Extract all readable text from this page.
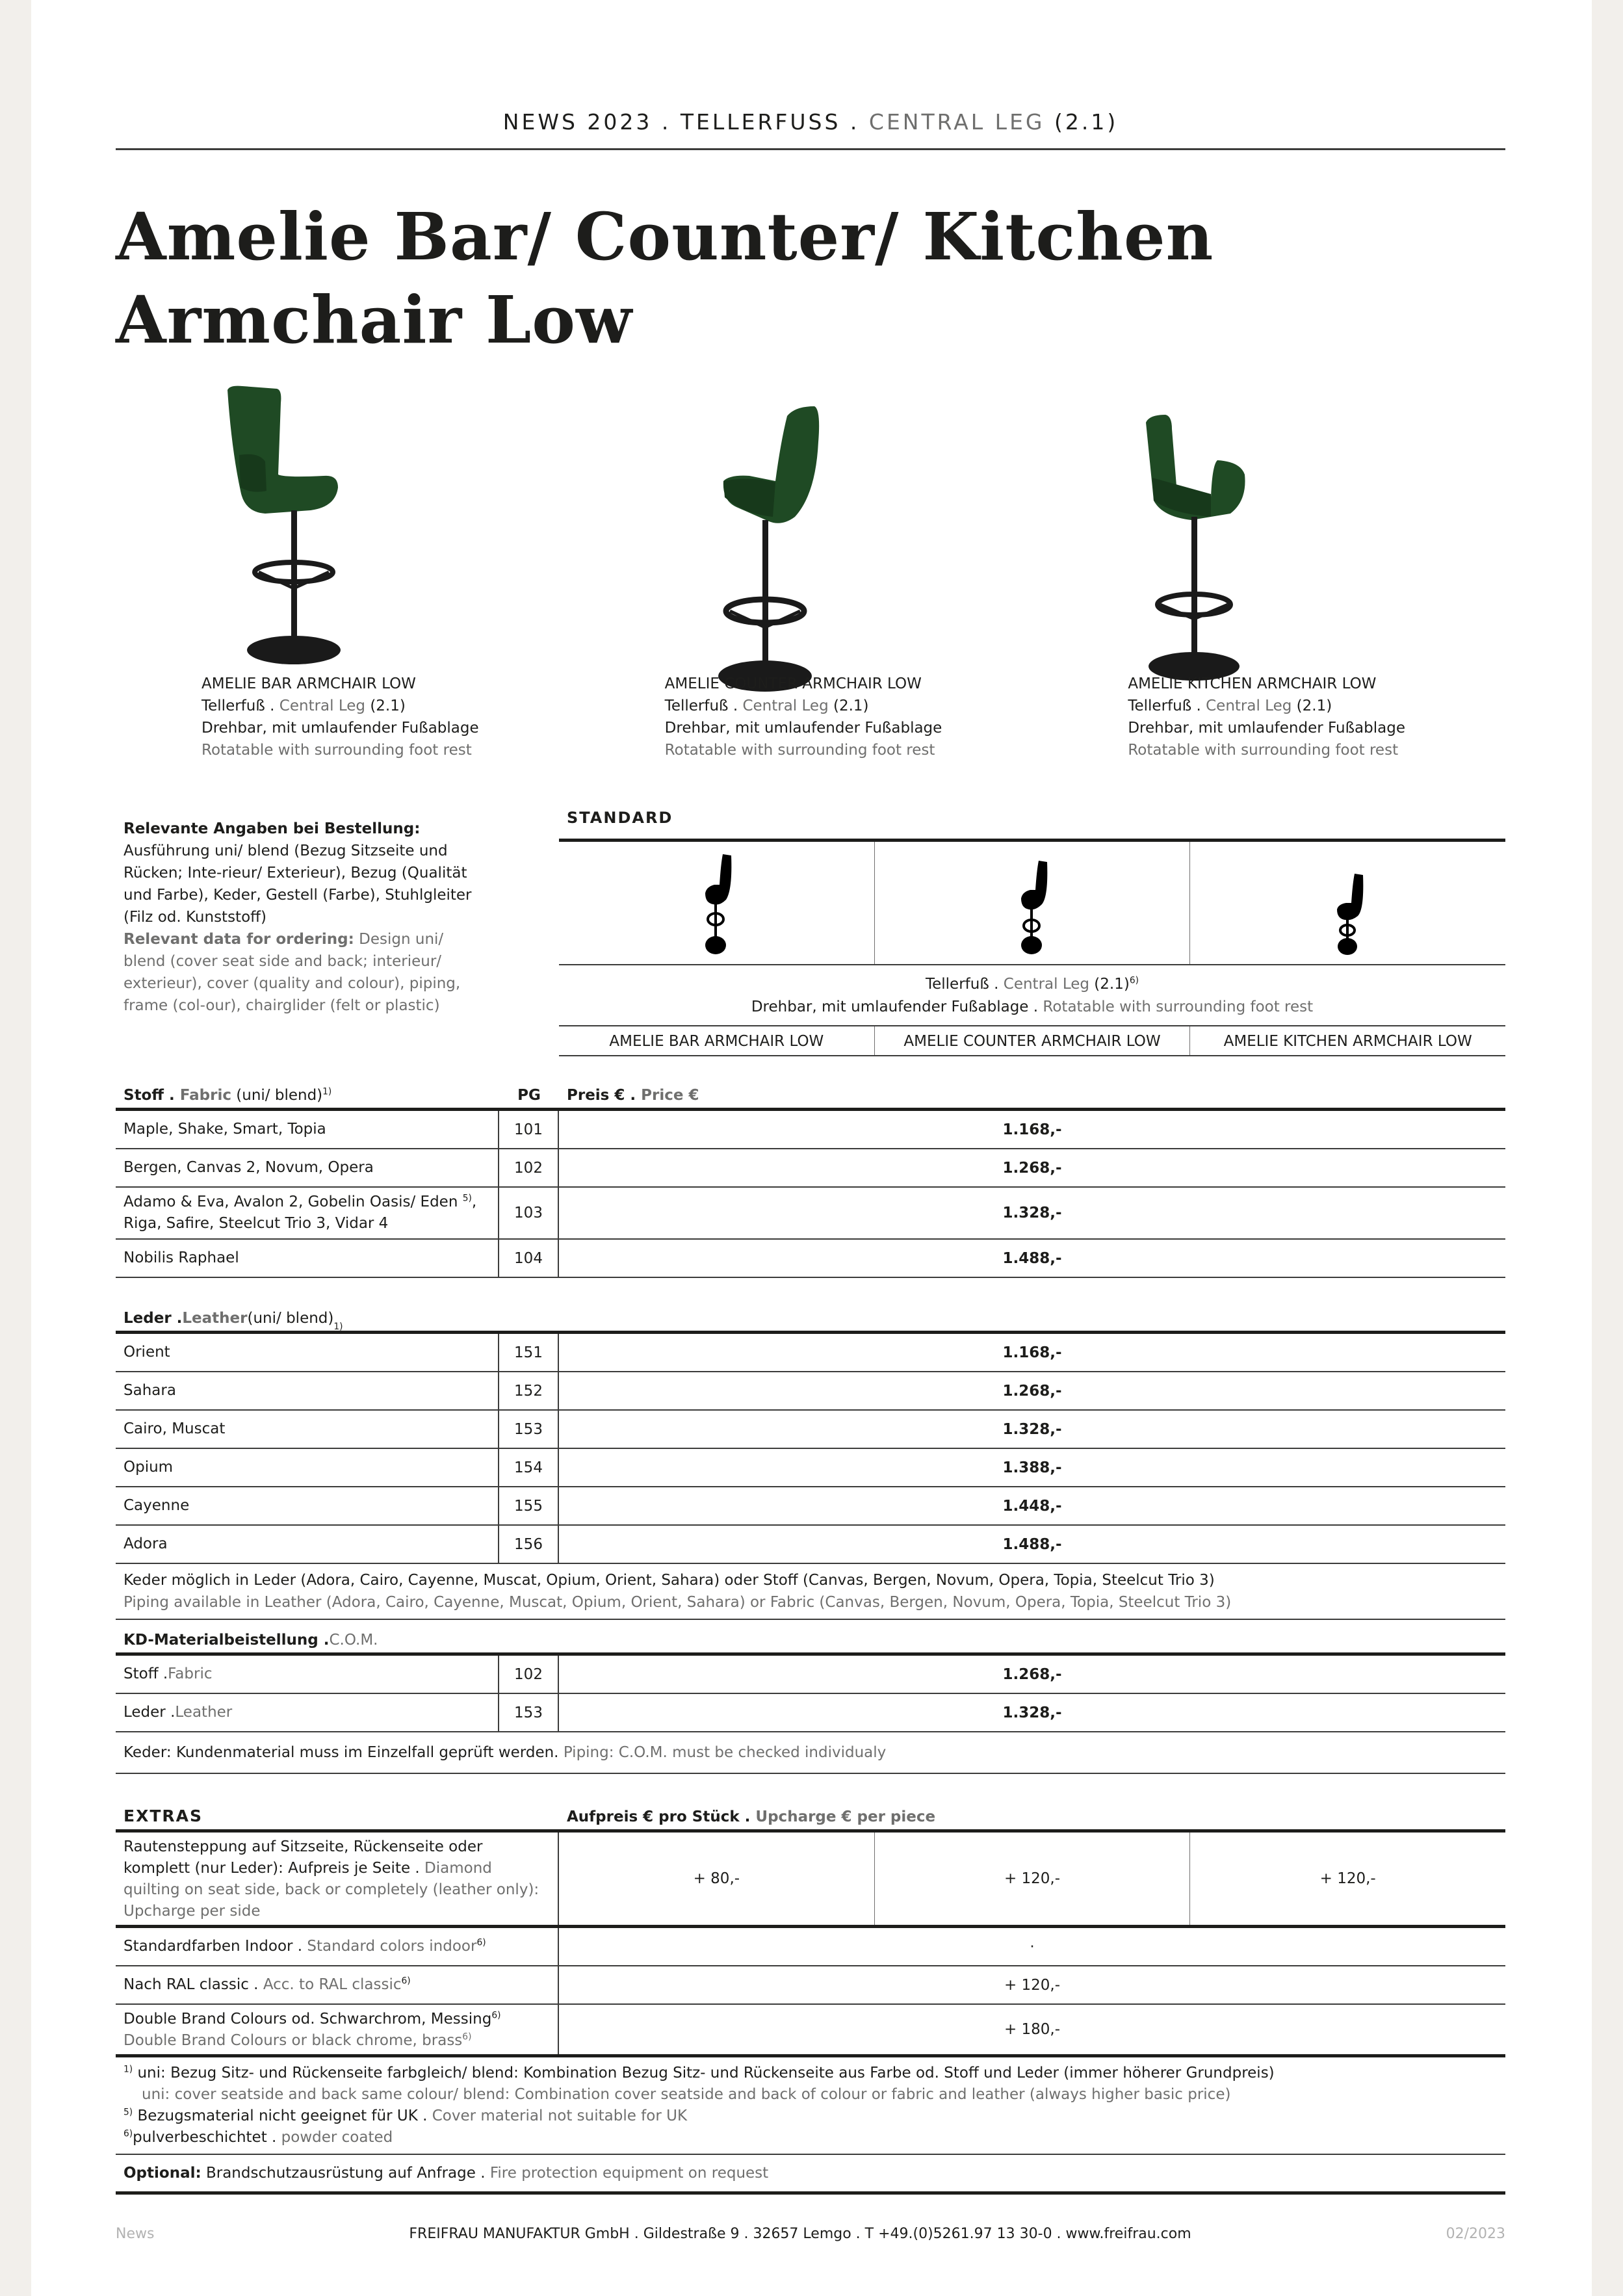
NEWS 2023 . TELLERFUSS . CENTRAL LEG (2.1)
Amelie Bar/ Counter/ Kitchen
Armchair Low
AMELIE BAR ARMCHAIR LOW
Tellerfuß . Central Leg (2.1)
Drehbar, mit umlaufender Fußablage
Rotatable with surrounding foot rest
AMELIE COUNTER ARMCHAIR LOW
Tellerfuß . Central Leg (2.1)
Drehbar, mit umlaufender Fußablage
Rotatable with surrounding foot rest
AMELIE KITCHEN ARMCHAIR LOW
Tellerfuß . Central Leg (2.1)
Drehbar, mit umlaufender Fußablage
Rotatable with surrounding foot rest
Relevante Angaben bei Bestellung: Ausführung uni/ blend (Bezug Sitzseite und Rücken; Inte-rieur/ Exterieur), Bezug (Qualität und Farbe), Keder, Gestell (Farbe), Stuhlgleiter (Filz od. Kunststoff)
Relevant data for ordering: Design uni/ blend (cover seat side and back; interieur/ exterieur), cover (quality and colour), piping, frame (col-our), chairglider (felt or plastic)
STANDARD
Tellerfuß . Central Leg $(2.1)^{6)}$
Drehbar, mit umlaufender Fußablage . Rotatable with surrounding foot rest
AMELIE BAR ARMCHAIR LOW	AMELIE COUNTER ARMCHAIR LOW	AMELIE KITCHEN ARMCHAIR LOW
Stoff . Fabric (uni/ blend)$^{1)}$	PG	Preis € . Price €
Maple, Shake, Smart, Topia	101	1.168,-
Bergen, Canvas 2, Novum, Opera	102	1.268,-
Adamo & Eva, Avalon 2, Gobelin Oasis/ Eden $^{5)}$,
Riga, Safire, Steelcut Trio 3, Vidar 4
103	1.328,-
Nobilis Raphael	104	1.488,-
Leder . Leather (uni/ blend) 1)
Orient	151	1.168,-
Sahara	152	1.268,-
Cairo, Muscat	153	1.328,-
Opium	154	1.388,-
Cayenne	155	1.448,-
Adora	156	1.488,-
Keder möglich in Leder (Adora, Cairo, Cayenne, Muscat, Opium, Orient, Sahara) oder Stoff (Canvas, Bergen, Novum, Opera, Topia, Steelcut Trio 3)
Piping available in Leather (Adora, Cairo, Cayenne, Muscat, Opium, Orient, Sahara) or Fabric (Canvas, Bergen, Novum, Opera, Topia, Steelcut Trio 3)
KD-Materialbeistellung . C.O.M.
Stoff . Fabric	102	1.268,-
Leder . Leather	153	1.328,-
Keder: Kundenmaterial muss im Einzelfall geprüft werden. Piping: C.O.M. must be checked individualy
EXTRAS	Aufpreis € pro Stück . Upcharge € per piece
Rautensteppung auf Sitzseite, Rückenseite oder komplett (nur Leder): Aufpreis je Seite . Diamond quilting on seat side, back or completely (leather only): Upcharge per side
+ 80,-	+ 120,-	+ 120,-
Standardfarben Indoor . Standard colors indoor$^{6)}$	·
Nach RAL classic . Acc. to RAL classic$^{6)}$	+ 120,-
Double Brand Colours od. Schwarchrom, Messing$^{6)}$
Double Brand Colours or black chrome, brass$^{6)}$	+ 180,-
$^{1)}$ uni: Bezug Sitz- und Rückenseite farbgleich/ blend: Kombination Bezug Sitz- und Rückenseite aus Farbe od. Stoff und Leder (immer höherer Grundpreis)
uni: cover seatside and back same colour/ blend: Combination cover seatside and back of colour or fabric and leather (always higher basic price)
$^{5)}$ Bezugsmaterial nicht geeignet für UK . Cover material not suitable for UK
$^{6)}$pulverbeschichtet . powder coated
Optional: Brandschutzausrüstung auf Anfrage . Fire protection equipment on request
News	FREIFRAU MANUFAKTUR GmbH . Gildestraße 9 . 32657 Lemgo . T +49.(0)5261.97 13 30-0 . www.freifrau.com	02/2023
